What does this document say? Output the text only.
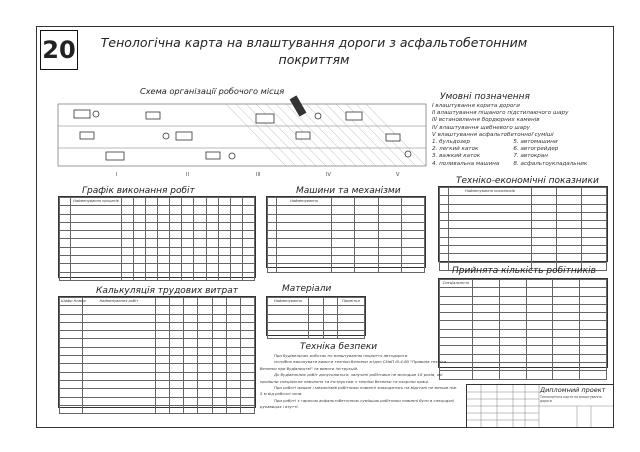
20	Тенологічна карта на влаштування дороги з асфальтобетонним покриттям
Схема організації робочого місця
I	II	III	IV	V
Умовні позначення
I влаштування корита дороги
II влаштування піщаного підстилаючого шару
III встановлення бордюрних каменів
IV влаштування щебневого шару
V влаштування асфальтобетонної суміші
1. бульдозер
2. легкий каток
3. важкий каток
4. поливальна машина
5. автомашини
6. автогрейдер
7. автокран
8. асфальтоукладальник
Графік виконання робіт
	Найменування процесів											

Машини та механізми
	Найменування				

Техніко-економічні показники
	Найменування показників			

Прийнята кількість робітників
Спеціальність					

Калькуляція трудових витрат
Шифр Номер	Найменування робіт							

Матеріали
Найменування			Примітки

Техніка безпеки

При будівельних роботах по влаштуванню покриття автодороги

потрібно виконувати вимоги техніки безпеки згідно СНиП III-4-80 "Правила техніки безпеки при будівництві" та вимоги інструкцій.

До будівельних робіт допускаються: залучені робітники не молодше 18 років, які пройшли спеціальне навчання та інструктаж з техніки безпеки та охорони праці.

При роботі машин і механізмів робітники повинні знаходитись на відстані не менше ніж 5 м від робочої зони.

При роботі з гарячою асфальтобетонною сумішшю робітники повинні бути в спецодязі, рукавицях і взутті.

Дипломний проект
Технологічна карта на влаштування дороги
